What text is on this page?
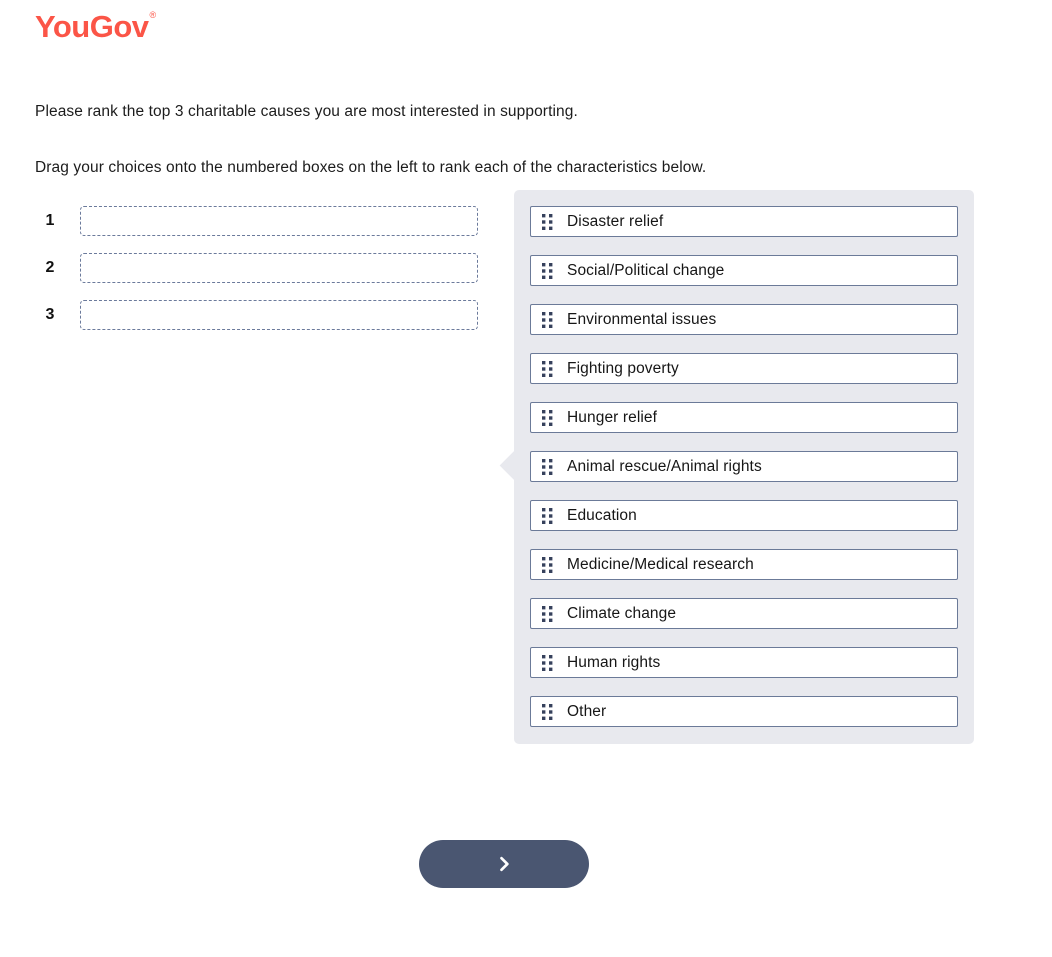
YouGov®

Please rank the top 3 charitable causes you are most interested in supporting.

Drag your choices onto the numbered boxes on the left to rank each of the characteristics below.

1
2
3
Disaster relief
Social/Political change
Environmental issues
Fighting poverty
Hunger relief
Animal rescue/Animal rights
Education
Medicine/Medical research
Climate change
Human rights
Other
